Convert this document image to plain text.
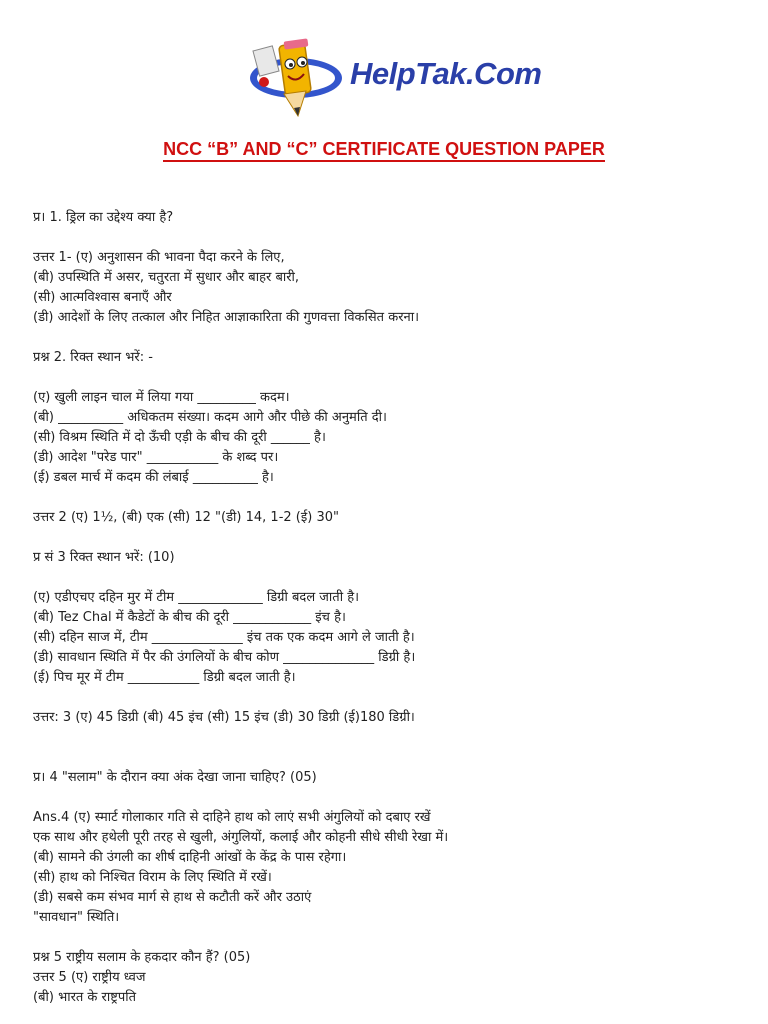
HelpTak.Com
NCC “B” AND “C” CERTIFICATE QUESTION PAPER
प्र। 1. ड्रिल का उद्देश्य क्या है?
उत्तर 1- (ए) अनुशासन की भावना पैदा करने के लिए,
(बी) उपस्थिति में असर, चतुरता में सुधार और बाहर बारी,
(सी) आत्मविश्वास बनाएँ और
(डी) आदेशों के लिए तत्काल और निहित आज्ञाकारिता की गुणवत्ता विकसित करना।
प्रश्न 2. रिक्त स्थान भरें: -
(ए) खुली लाइन चाल में लिया गया _________ कदम।
(बी) __________ अधिकतम संख्या। कदम आगे और पीछे की अनुमति दी।
(सी) विश्रम स्थिति में दो ऊँची एड़ी के बीच की दूरी ______ है।
(डी) आदेश "परेड पार" ___________ के शब्द पर।
(ई) डबल मार्च में कदम की लंबाई __________ है।
उत्तर 2 (ए) 1½, (बी) एक (सी) 12 "(डी) 14, 1-2 (ई) 30"
प्र सं 3 रिक्त स्थान भरें: (10)
(ए) एडीएचए दहिन मुर में टीम _____________ डिग्री बदल जाती है।
(बी) Tez Chal में कैडेटों के बीच की दूरी ____________ इंच है।
(सी) दहिन साज में, टीम ______________ इंच तक एक कदम आगे ले जाती है।
(डी) सावधान स्थिति में पैर की उंगलियों के बीच कोण ______________ डिग्री है।
(ई) पिच मूर में टीम ___________ डिग्री बदल जाती है।
उत्तर: 3 (ए) 45 डिग्री (बी) 45 इंच (सी) 15 इंच (डी) 30 डिग्री (ई)180 डिग्री।
प्र। 4 "सलाम" के दौरान क्या अंक देखा जाना चाहिए? (05)
Ans.4 (ए) स्मार्ट गोलाकार गति से दाहिने हाथ को लाएं सभी अंगुलियों को दबाए रखें
एक साथ और हथेली पूरी तरह से खुली, अंगुलियों, कलाई और कोहनी सीधे सीधी रेखा में।
(बी) सामने की उंगली का शीर्ष दाहिनी आंखों के केंद्र के पास रहेगा।
(सी) हाथ को निश्चित विराम के लिए स्थिति में रखें।
(डी) सबसे कम संभव मार्ग से हाथ से कटौती करें और उठाएं
"सावधान" स्थिति।
प्रश्न 5 राष्ट्रीय सलाम के हकदार कौन हैं? (05)
उत्तर 5 (ए) राष्ट्रीय ध्वज
(बी) भारत के राष्ट्रपति
